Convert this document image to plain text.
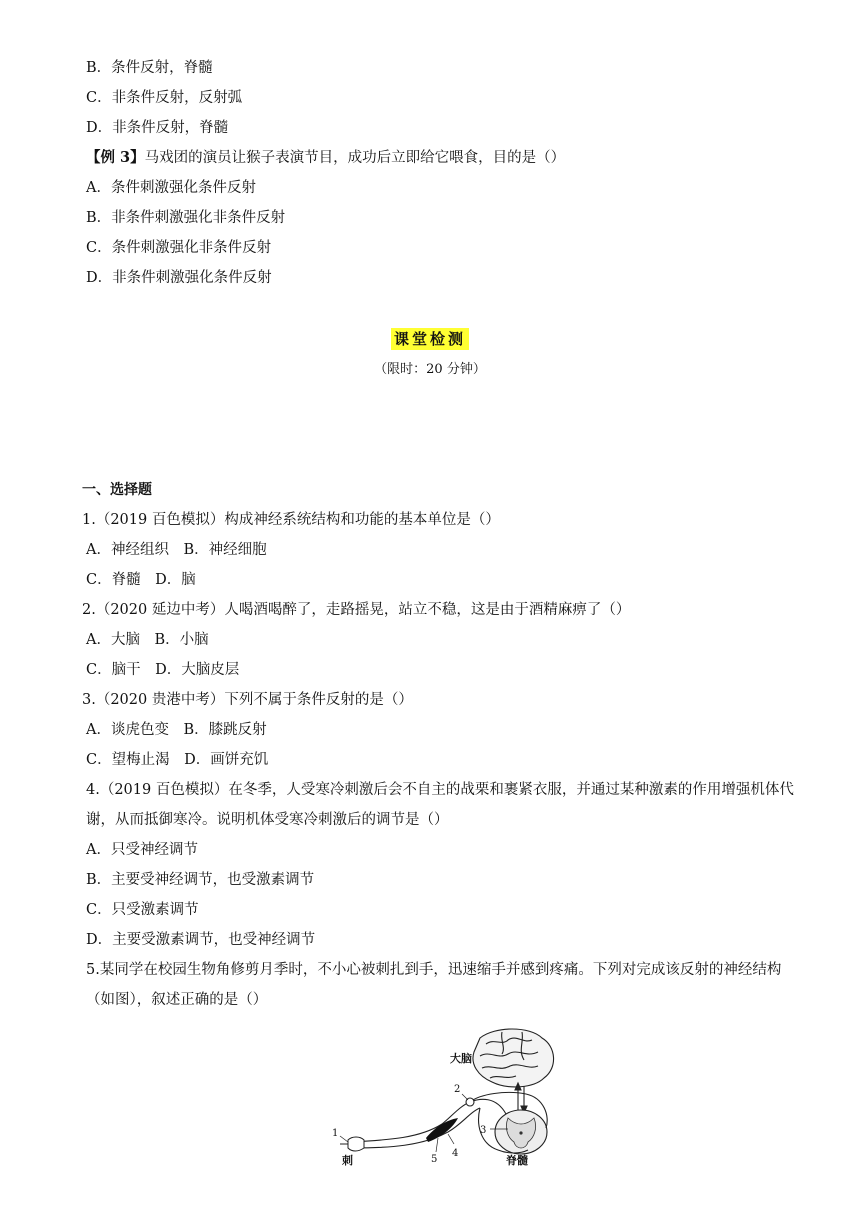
B．条件反射，脊髓
C．非条件反射，反射弧
D．非条件反射，脊髓
【例 3】马戏团的演员让猴子表演节目，成功后立即给它喂食，目的是（）
A．条件刺激强化条件反射
B．非条件刺激强化非条件反射
C．条件刺激强化非条件反射
D．非条件刺激强化条件反射
课堂检测
（限时：20 分钟）
一、选择题
1.（2019 百色模拟）构成神经系统结构和功能的基本单位是（）
A．神经组织　B．神经细胞
C．脊髓　D．脑
2.（2020 延边中考）人喝酒喝醉了，走路摇晃，站立不稳，这是由于酒精麻痹了（）
A．大脑　B．小脑
C．脑干　D．大脑皮层
3.（2020 贵港中考）下列不属于条件反射的是（）
A．谈虎色变　B．膝跳反射
C．望梅止渴　D．画饼充饥
4.（2019 百色模拟）在冬季，人受寒冷刺激后会不自主的战栗和裹紧衣服，并通过某种激素的作用增强机体代谢，从而抵御寒冷。说明机体受寒冷刺激后的调节是（）
A．只受神经调节
B．主要受神经调节，也受激素调节
C．只受激素调节
D．主要受激素调节，也受神经调节
5.某同学在校园生物角修剪月季时，不小心被刺扎到手，迅速缩手并感到疼痛。下列对完成该反射的神经结构（如图），叙述正确的是（）
大脑
刺	脊髓
1
2
3
4
5
